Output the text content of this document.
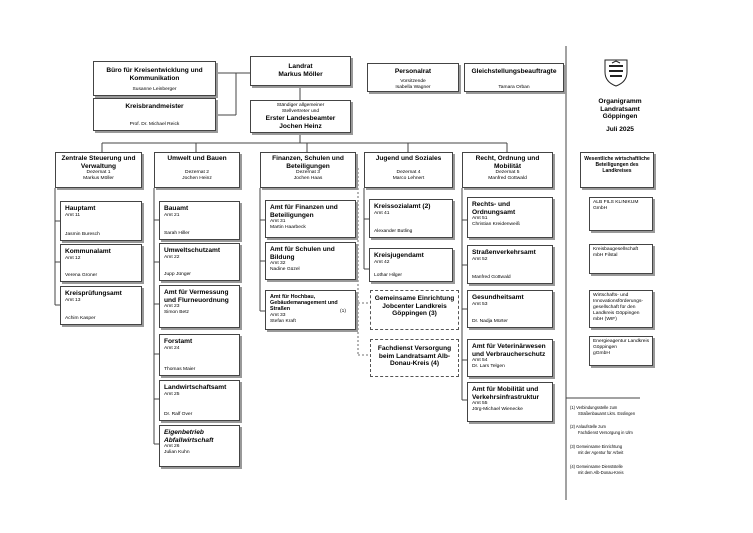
Büro für Kreisentwicklung und Kommunikation
Susanne Leinberger
Kreisbrandmeister
Prof. Dr. Michael Reick
Landrat
Markus Möller
Ständiger allgemeiner
Stellvertreter und
Erster Landesbeamter
Jochen Heinz
Personalrat
Vorsitzende
Isabella Wagner
Gleichstellungsbeauftragte
Tamara Orban
Zentrale Steuerung und Verwaltung
Dezernat 1
Markus Möller
Umwelt und Bauen
Dezernat 2
Jochen Heinz
Finanzen, Schulen und Beteiligungen
Dezernat 3
Jochen Haas
Jugend und Soziales
Dezernat 4
Marco Lehnert
Recht, Ordnung und Mobilität
Dezernat 5
Manfred Gottwald
Hauptamt
Amt 11
Jasmin Buresch
Kommunalamt
Amt 12
Verena Groner
Kreisprüfungsamt
Amt 13
Achim Kasper
Bauamt
Amt 21
Sarah Hiller
Umweltschutzamt
Amt 22
Jupp Jünger
Amt für Vermessung und Flurneuordnung
Amt 23
Simon Betz
Forstamt
Amt 24
Thomas Maier
Landwirtschaftsamt
Amt 25
Dr. Ralf Over
Eigenbetrieb Abfallwirtschaft
Amt 26
Julian Kuhn
Amt für Finanzen und Beteiligungen
Amt 31
Martin Haarbeck
Amt für Schulen und Bildung
Amt 32
Nadine Güzel
Amt für Hochbau, Gebäudemanagement und Straßen	(1)
Amt 33
Stefan Kraft
Kreissozialamt (2)
Amt 41
Alexander Butling
Kreisjugendamt
Amt 42
Lothar Hilger
Gemeinsame Einrichtung Jobcenter Landkreis Göppingen (3)
Fachdienst Versorgung beim Landratsamt Alb-Donau-Kreis (4)
Rechts- und Ordnungsamt
Amt 51
Christian Kreidenweiß
Straßenverkehrsamt
Amt 52
Manfred Gottwald
Gesundheitsamt
Amt 53
Dr. Nadja Mürter
Amt für Veterinärwesen und Verbraucherschutz
Amt 54
Dr. Lars Telgen
Amt für Mobilität und Verkehrsinfrastruktur
Amt 55
Jörg-Michael Wienecke
Organigramm
Landratsamt
Göppingen
Juli 2025
Wesentliche wirtschaftliche Beteiligungen des Landkreises
ALB FILS KLINIKUM
GmbH
Kreisbaugesellschaft
mbH Filstal
Wirtschafts- und Innovationsförderungs-
gesellschaft für den Landkreis Göppingen
mbH (WIF)
Energieagentur Landkreis
Göppingen
gGmbH
(1) Verbindungsstelle zum
Straßenbauamt Lkrs. Esslingen
(2) Anlaufstelle zum
Fachdienst Versorgung in Ulm
(3) Gemeinsame Einrichtung
mit der Agentur für Arbeit
(4) Gemeinsame Dienststelle
mit dem Alb-Donau-Kreis
